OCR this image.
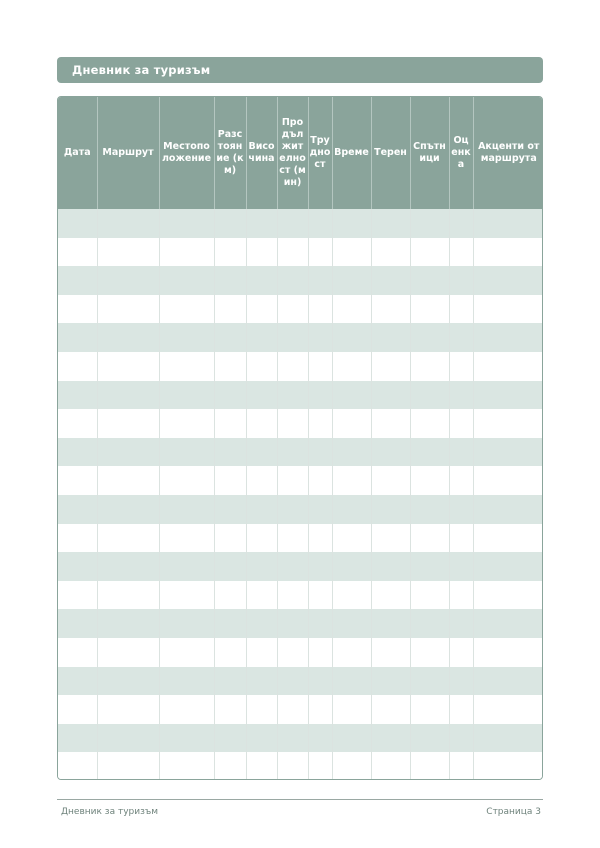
Дневник за туризъм
Дата	Маршрут	Местоположение	Разстояние (км)	Височина	Продължителност (мин)	Трудност	Време	Терен	Спътници	Оценка	Акценти от маршрута

Дневник за туризъм	Страница 3
